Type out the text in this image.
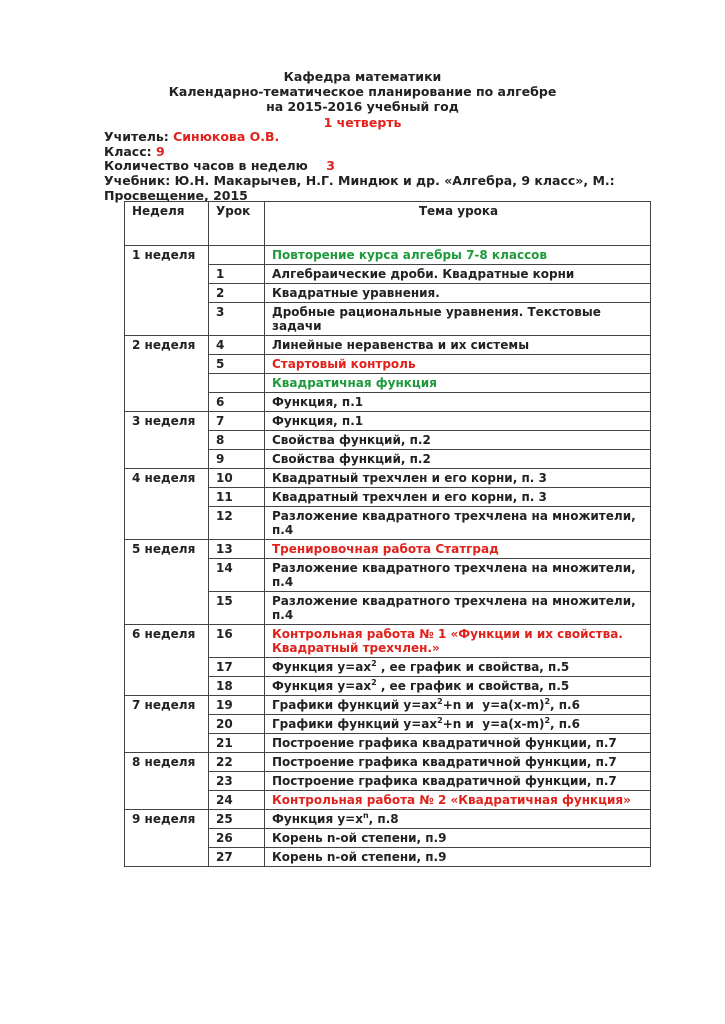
Кафедра математики
Календарно-тематическое планирование по алгебре
на 2015-2016 учебный год
1 четверть
Учитель: Синюкова О.В.
Класс: 9
Количество часов в неделю 3
Учебник: Ю.Н. Макарычев, Н.Г. Миндюк и др. «Алгебра, 9 класс», М.:
Просвещение, 2015
Неделя	Урок	Тема урока
1 неделя		Повторение курса алгебры 7-8 классов
	1	Алгебраические дроби. Квадратные корни
	2	Квадратные уравнения.
	3	Дробные рациональные уравнения. Текстовые задачи
2 неделя	4	Линейные неравенства и их системы
	5	Стартовый контроль
		Квадратичная функция
	6	Функция, п.1
3 неделя	7	Функция, п.1
	8	Свойства функций, п.2
	9	Свойства функций, п.2
4 неделя	10	Квадратный трехчлен и его корни, п. 3
	11	Квадратный трехчлен и его корни, п. 3
	12	Разложение квадратного трехчлена на множители, п.4
5 неделя	13	Тренировочная работа Статград
	14	Разложение квадратного трехчлена на множители, п.4
	15	Разложение квадратного трехчлена на множители, п.4
6 неделя	16	Контрольная работа № 1 «Функции и их свойства. Квадратный трехчлен.»
	17	Функция $y=ax^2$ , ее график и свойства, п.5
	18	Функция $y=ax^2$ , ее график и свойства, п.5
7 неделя	19	Графики функций $y=ax^2+n$ и  $y=a(x-m)^2$, п.6
	20	Графики функций $y=ax^2+n$ и  $y=a(x-m)^2$, п.6
	21	Построение графика квадратичной функции, п.7
8 неделя	22	Построение графика квадратичной функции, п.7
	23	Построение графика квадратичной функции, п.7
	24	Контрольная работа № 2 «Квадратичная функция»
9 неделя	25	Функция $y=x^n$, п.8
	26	Корень n-ой степени, п.9
	27	Корень n-ой степени, п.9
